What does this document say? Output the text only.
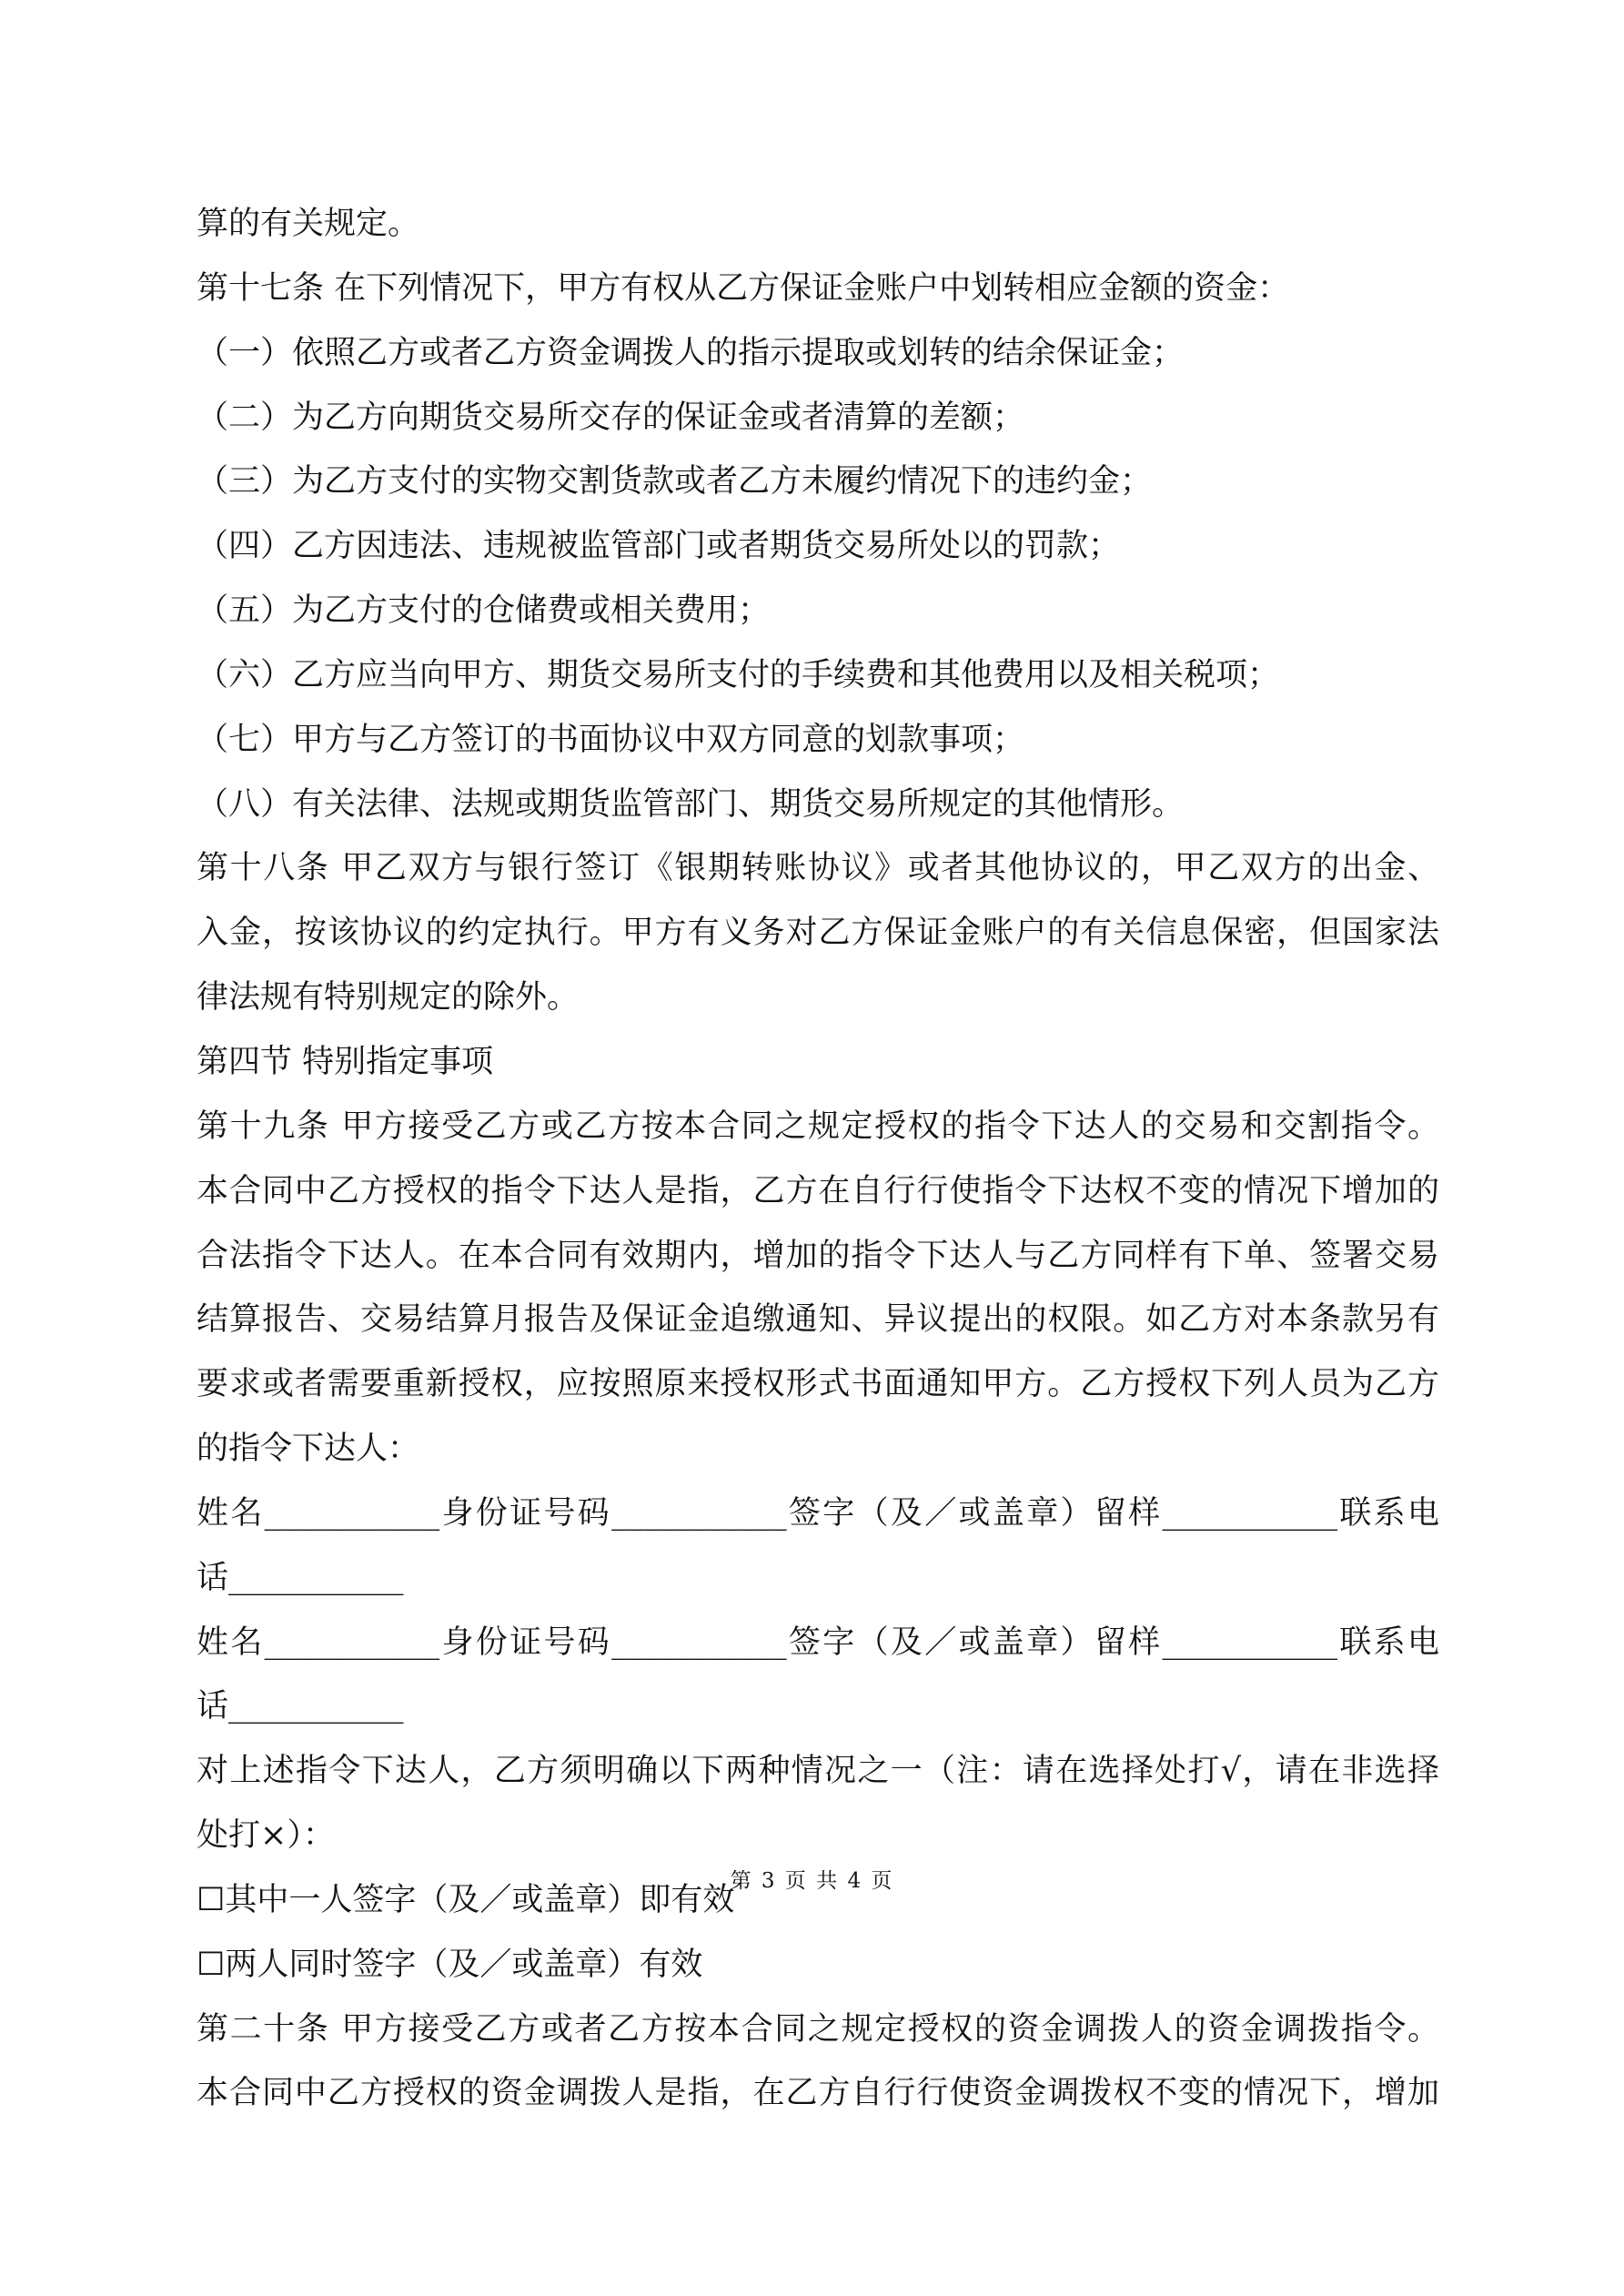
算的有关规定。
第十七条 在下列情况下，甲方有权从乙方保证金账户中划转相应金额的资金：
（一）依照乙方或者乙方资金调拨人的指示提取或划转的结余保证金；
（二）为乙方向期货交易所交存的保证金或者清算的差额；
（三）为乙方支付的实物交割货款或者乙方未履约情况下的违约金；
（四）乙方因违法、违规被监管部门或者期货交易所处以的罚款；
（五）为乙方支付的仓储费或相关费用；
（六）乙方应当向甲方、期货交易所支付的手续费和其他费用以及相关税项；
（七）甲方与乙方签订的书面协议中双方同意的划款事项；
（八）有关法律、法规或期货监管部门、期货交易所规定的其他情形。
第十八条 甲乙双方与银行签订《银期转账协议》或者其他协议的，甲乙双方的出金、
入金，按该协议的约定执行。甲方有义务对乙方保证金账户的有关信息保密，但国家法
律法规有特别规定的除外。
第四节 特别指定事项
第十九条 甲方接受乙方或乙方按本合同之规定授权的指令下达人的交易和交割指令。
本合同中乙方授权的指令下达人是指，乙方在自行行使指令下达权不变的情况下增加的
合法指令下达人。在本合同有效期内，增加的指令下达人与乙方同样有下单、签署交易
结算报告、交易结算月报告及保证金追缴通知、异议提出的权限。如乙方对本条款另有
要求或者需要重新授权，应按照原来授权形式书面通知甲方。乙方授权下列人员为乙方
的指令下达人：
姓名___________身份证号码___________签字（及／或盖章）留样___________联系电
话___________
姓名___________身份证号码___________签字（及／或盖章）留样___________联系电
话___________
对上述指令下达人，乙方须明确以下两种情况之一（注：请在选择处打√，请在非选择
处打×）：
☐其中一人签字（及／或盖章）即有效
☐两人同时签字（及／或盖章）有效
第二十条 甲方接受乙方或者乙方按本合同之规定授权的资金调拨人的资金调拨指令。
本合同中乙方授权的资金调拨人是指，在乙方自行行使资金调拨权不变的情况下，增加
第 3 页 共 4 页
